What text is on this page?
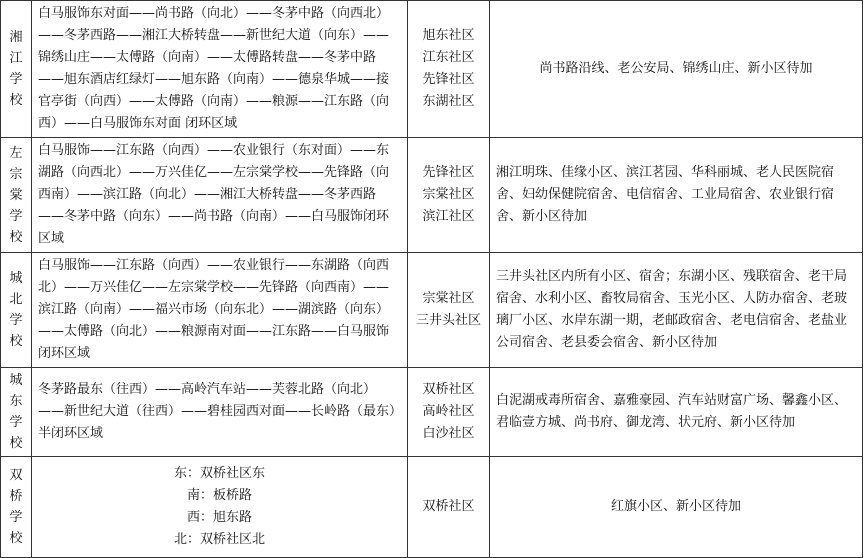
湘江学校	白马服饰东对面——尚书路（向北）——冬茅中路（向西北）——冬茅西路——湘江大桥转盘——新世纪大道（向东）——锦绣山庄——太傅路（向南）——太傅路转盘——冬茅中路——旭东酒店红绿灯——旭东路（向南）——德泉华城——接官亭街（向西）——太傅路（向南）——粮源——江东路（向西）——白马服饰东对面 闭环区域	旭东社区
江东社区
先锋社区
东湖社区	尚书路沿线、老公安局、锦绣山庄、新小区待加
左宗棠学校	白马服饰——江东路（向西）——农业银行（东对面）——东湖路（向西北）——万兴佳亿——左宗棠学校——先锋路（向西南）——滨江路（向北）——湘江大桥转盘——冬茅西路——冬茅中路（向东）——尚书路（向南）——白马服饰闭环区域	先锋社区
宗棠社区
滨江社区	湘江明珠、佳缘小区、滨江茗园、华科丽城、老人民医院宿舍、妇幼保健院宿舍、电信宿舍、工业局宿舍、农业银行宿舍、新小区待加
城北学校	白马服饰——江东路（向西）——农业银行——东湖路（向西北）——万兴佳亿——左宗棠学校——先锋路（向西南）——滨江路（向南）——福兴市场（向东北）——湖滨路（向东）——太傅路（向北）——粮源南对面——江东路——白马服饰闭环区域	宗棠社区
三井头社区	三井头社区内所有小区、宿舍；东湖小区、残联宿舍、老干局宿舍、水利小区、畜牧局宿舍、玉光小区、人防办宿舍、老玻璃厂小区、水岸东湖一期，老邮政宿舍、老电信宿舍、老盐业公司宿舍、老县委会宿舍、新小区待加
城东学校	冬茅路最东（往西）——高岭汽车站——芙蓉北路（向北）——新世纪大道（往西）——碧桂园西对面——长岭路（最东）半闭环区域	双桥社区
高岭社区
白沙社区	白泥湖戒毒所宿舍、嘉雅豪园、汽车站财富广场、馨鑫小区、君临壹方城、尚书府、御龙湾、状元府、新小区待加
双桥学校	东：双桥社区东
南：板桥路
西：旭东路
北：双桥社区北	双桥社区	红旗小区、新小区待加
